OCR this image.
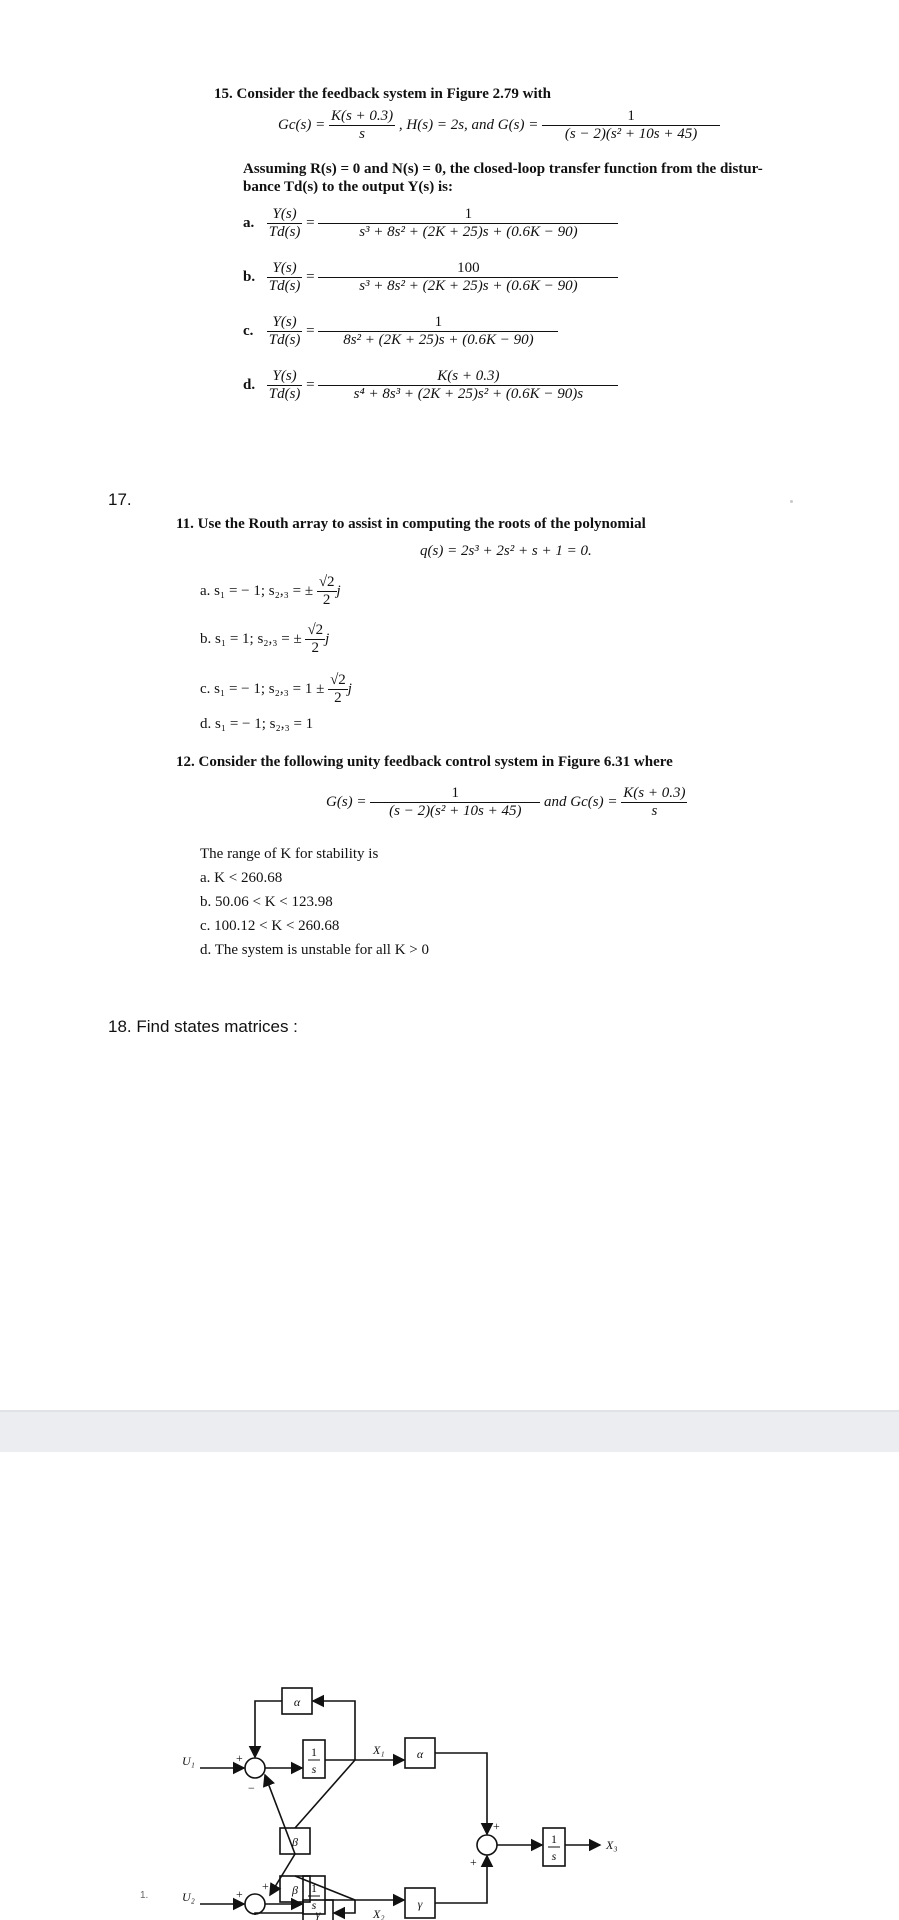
15. Consider the feedback system in Figure 2.79 with
$Gc(s) = \frac{K(s + 0.3)}{s}$ , H(s) = 2s, and $G(s) = \frac{1}{\text{(s − 2)(s² + 10s + 45)}}$
Assuming R(s) = 0 and N(s) = 0, the closed-loop transfer function from the distur-
bance Td(s) to the output Y(s) is:
a. $\frac{Y(s)}{Td(s)} = \frac{1}{\text{s³ + 8s² + (2K + 25)s + (0.6K − 90)}}$
b. $\frac{Y(s)}{Td(s)} = \frac{100}{\text{s³ + 8s² + (2K + 25)s + (0.6K − 90)}}$
c. $\frac{Y(s)}{Td(s)} = \frac{1}{\text{8s² + (2K + 25)s + (0.6K − 90)}}$
d. $\frac{Y(s)}{Td(s)} = \frac{K(s + 0.3)}{\text{s⁴ + 8s³ + (2K + 25)s² + (0.6K − 90)s}}$
17.
11. Use the Routh array to assist in computing the roots of the polynomial
q(s) = 2s³ + 2s² + s + 1 = 0.
a. s₁ = − 1; s₂,₃ = ± $\frac{√2}{2}$ j
b. s₁ = 1; s₂,₃ = ± $\frac{√2}{2}$ j
c. s₁ = − 1; $s_2,_3 = 1 \pm \frac{√2}{2}$ j
d. s₁ = − 1; s₂,₃ = 1
12. Consider the following unity feedback control system in Figure 6.31 where
$G(s) = \frac{1}{\text{(s − 2)(s² + 10s + 45)}}$ and $Gc(s) = \frac{K(s + 0.3)}{s}$
The range of K for stability is
a. K < 260.68
b. 50.06 < K < 123.98
c. 100.12 < K < 260.68
d. The system is unstable for all K > 0
18. Find states matrices :
1
s
1
s
1
s
α
α
β
β
γ
γ
U₁
U₂
X₁
X₂
X₃
+
−
+
+
+
+
1.
